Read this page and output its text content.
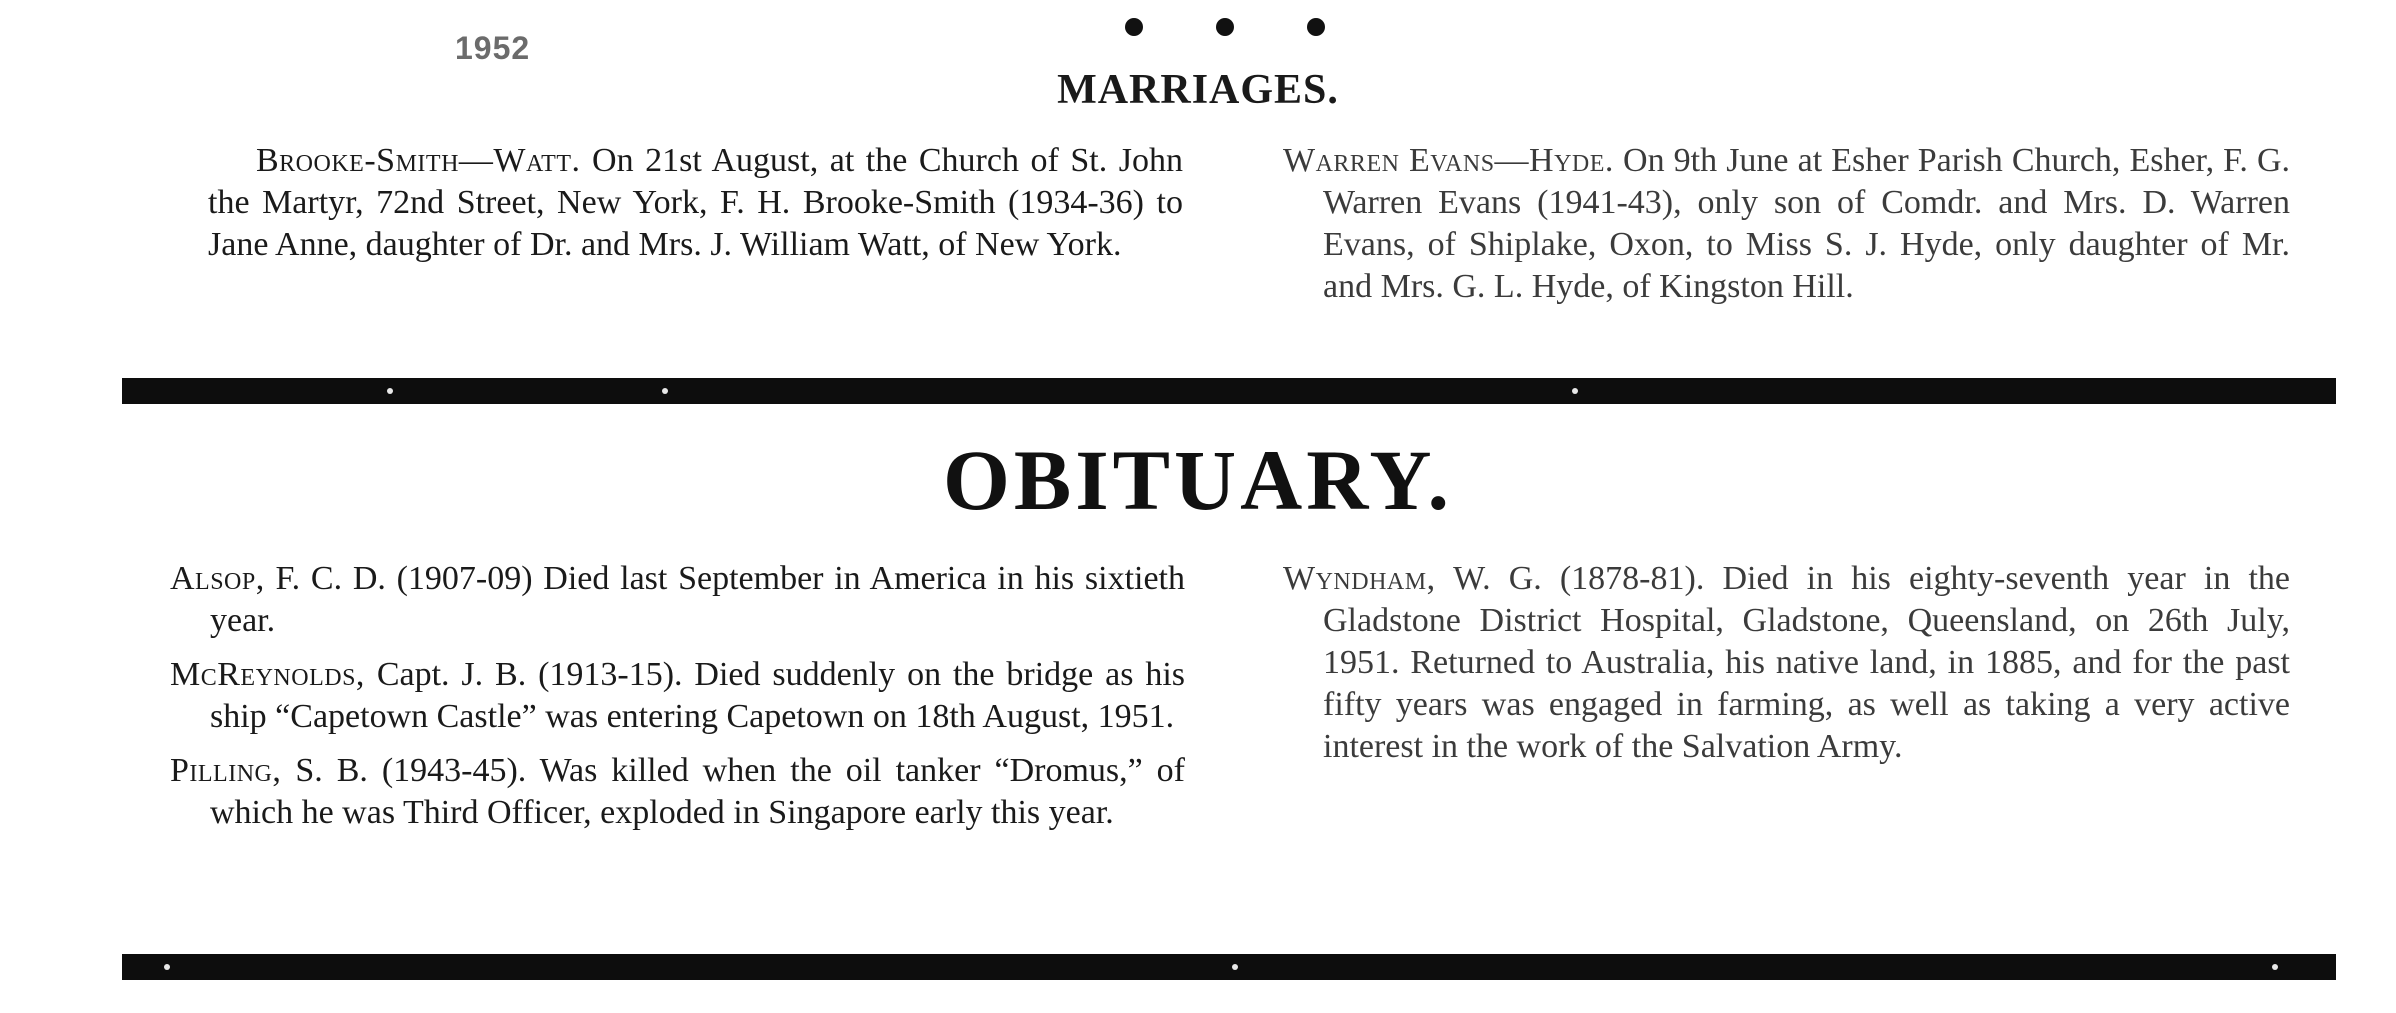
1952
MARRIAGES.

Brooke-Smith—Watt. On 21st August, at the Church of St. John the Martyr, 72nd Street, New York, F. H. Brooke-Smith (1934-36) to Jane Anne, daughter of Dr. and Mrs. J. William Watt, of New York.

Warren Evans—Hyde. On 9th June at Esher Parish Church, Esher, F. G. Warren Evans (1941-43), only son of Comdr. and Mrs. D. Warren Evans, of Shiplake, Oxon, to Miss S. J. Hyde, only daughter of Mr. and Mrs. G. L. Hyde, of Kingston Hill.

OBITUARY.

Alsop, F. C. D. (1907-09) Died last September in America in his sixtieth year.

McReynolds, Capt. J. B. (1913-15). Died suddenly on the bridge as his ship “Capetown Castle” was entering Capetown on 18th August, 1951.

Pilling, S. B. (1943-45). Was killed when the oil tanker “Dromus,” of which he was Third Officer, exploded in Singapore early this year.

Wyndham, W. G. (1878-81). Died in his eighty-seventh year in the Gladstone District Hospital, Gladstone, Queensland, on 26th July, 1951. Returned to Australia, his native land, in 1885, and for the past fifty years was engaged in farming, as well as taking a very active interest in the work of the Salvation Army.
